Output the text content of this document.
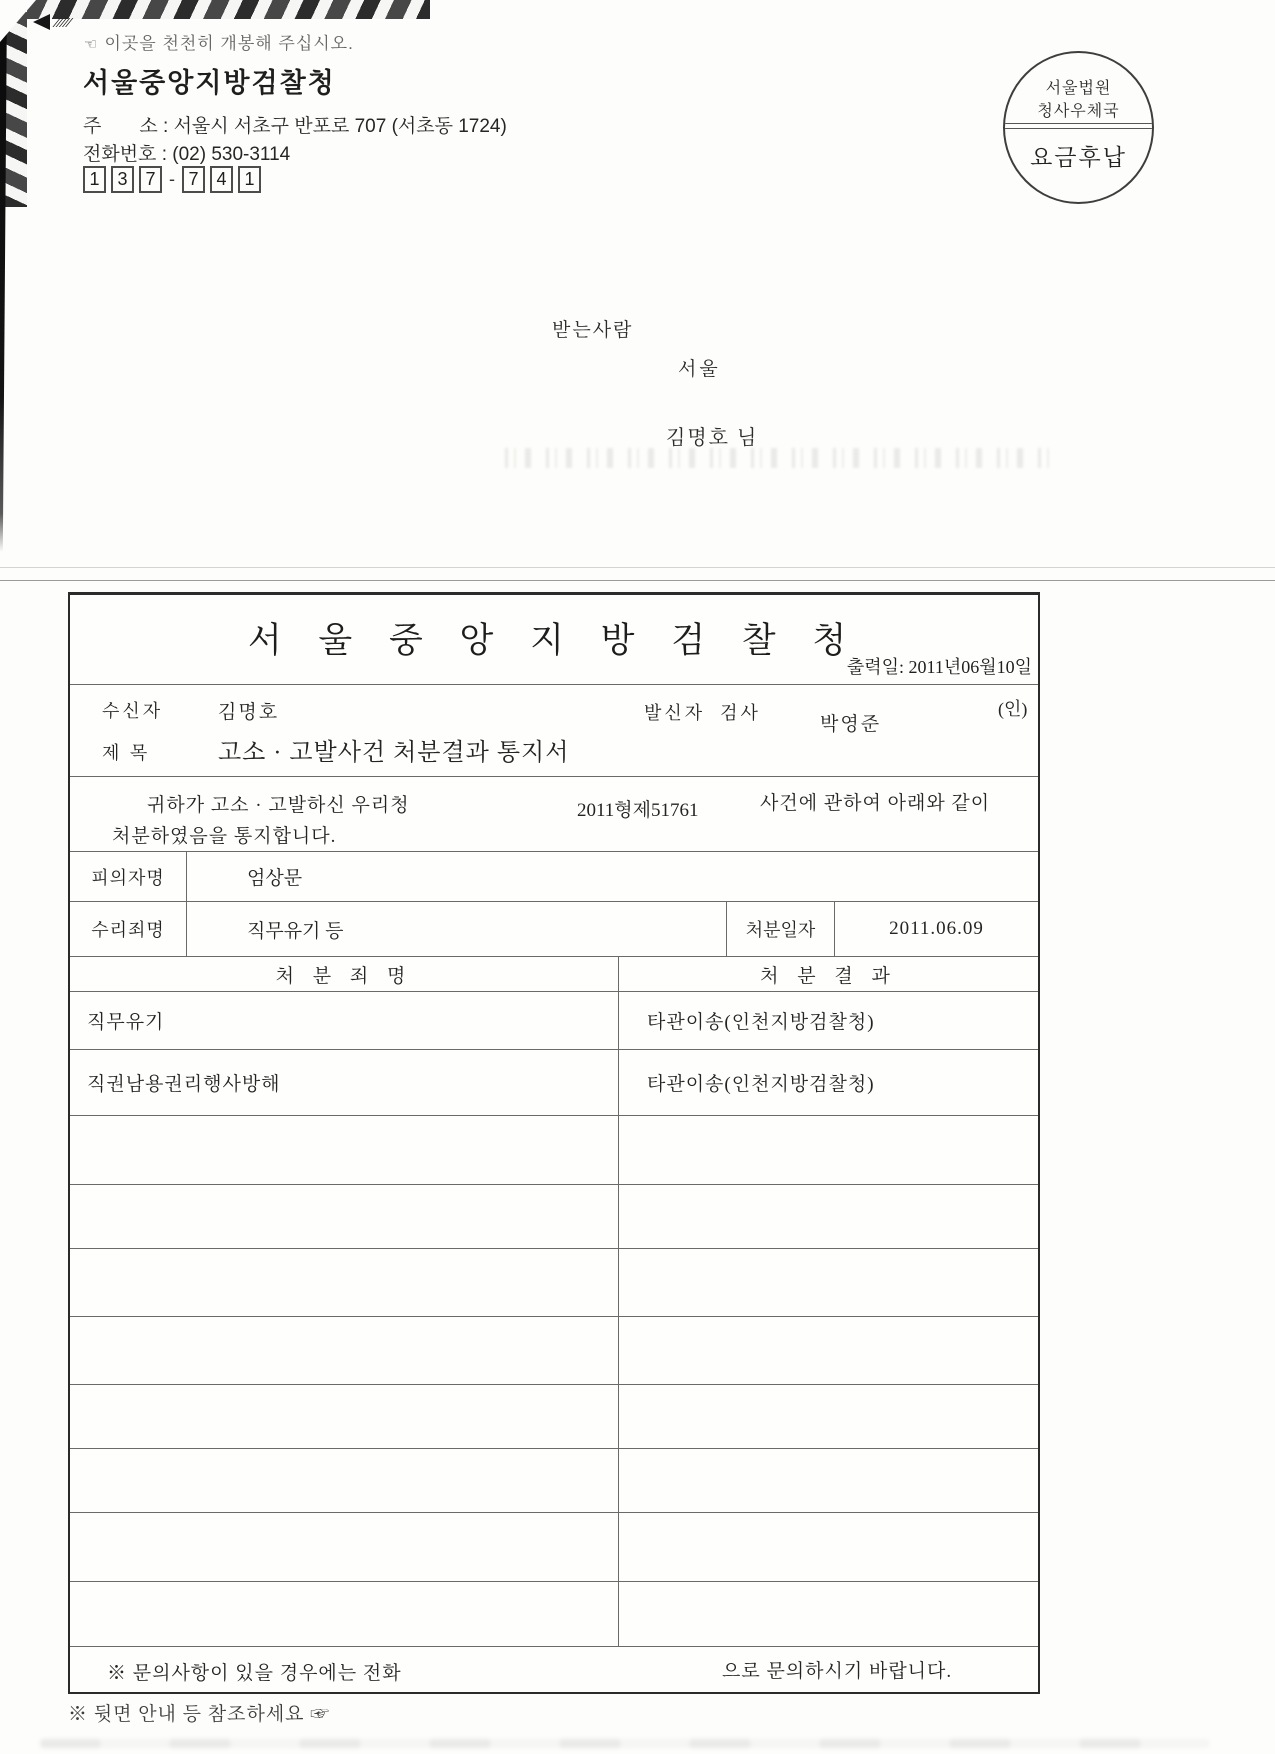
⁄⁄⁄⁄⁄
☜ 이곳을 천천히 개봉해 주십시오.
서울중앙지방검찰청
주　　소 : 서울시 서초구 반포로 707 (서초동 1724)
전화번호 : (02) 530-3114
1 3 7 - 7 4 1
서울법원
청사우체국
요금후납
받는사람
서울
김명호 님
서 울 중 앙 지 방 검 찰 청
출력일: 2011년06월10일
수신자	김명호	발신자  검사
박영준
(인)
제 목	고소 · 고발사건 처분결과 통지서
귀하가 고소 · 고발하신 우리청	2011형제51761	사건에 관하여 아래와 같이
처분하였음을 통지합니다.
피의자명	엄상문
수리죄명	직무유기 등	처분일자	2011.06.09
처 분 죄 명	처 분 결 과
직무유기	타관이송(인천지방검찰청)
직권남용권리행사방해	타관이송(인천지방검찰청)
※ 문의사항이 있을 경우에는 전화	으로 문의하시기 바랍니다.
※ 뒷면 안내 등 참조하세요 ☞
